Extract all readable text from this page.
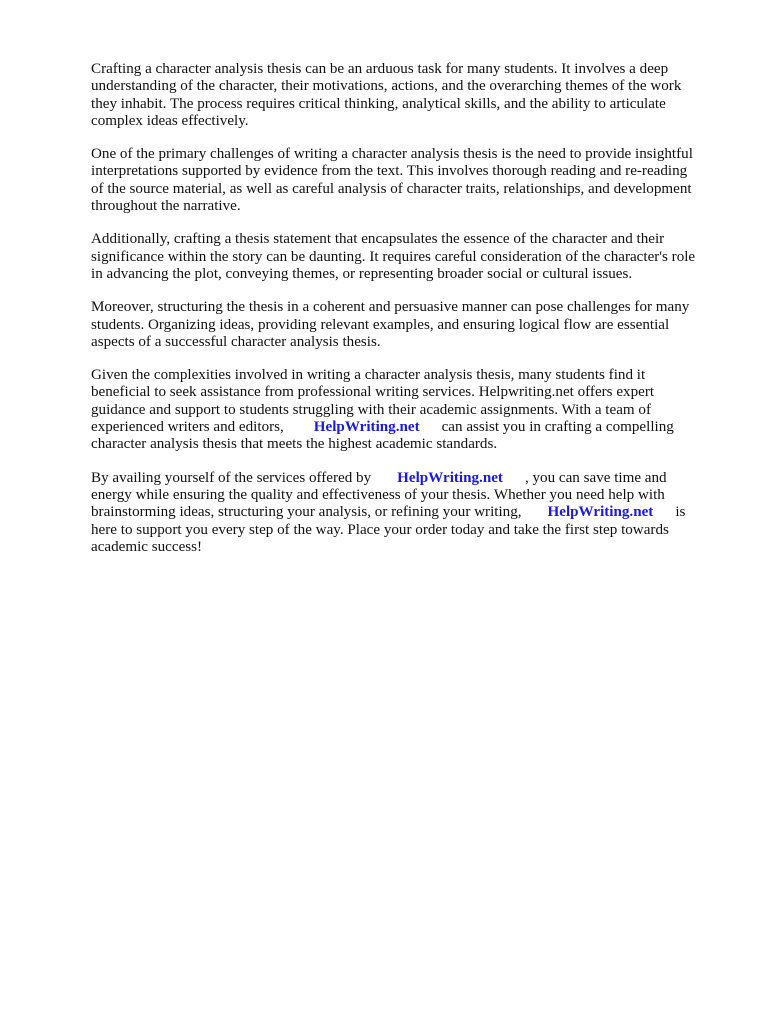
Crafting a character analysis thesis can be an arduous task for many students. It involves a deep
understanding of the character, their motivations, actions, and the overarching themes of the work
they inhabit. The process requires critical thinking, analytical skills, and the ability to articulate
complex ideas effectively.

One of the primary challenges of writing a character analysis thesis is the need to provide insightful
interpretations supported by evidence from the text. This involves thorough reading and re-reading
of the source material, as well as careful analysis of character traits, relationships, and development
throughout the narrative.

Additionally, crafting a thesis statement that encapsulates the essence of the character and their
significance within the story can be daunting. It requires careful consideration of the character's role
in advancing the plot, conveying themes, or representing broader social or cultural issues.

Moreover, structuring the thesis in a coherent and persuasive manner can pose challenges for many
students. Organizing ideas, providing relevant examples, and ensuring logical flow are essential
aspects of a successful character analysis thesis.

Given the complexities involved in writing a character analysis thesis, many students find it
beneficial to seek assistance from professional writing services. Helpwriting.net offers expert
guidance and support to students struggling with their academic assignments. With a team of
experienced writers and editors, HelpWriting.net can assist you in crafting a compelling
character analysis thesis that meets the highest academic standards.

By availing yourself of the services offered by HelpWriting.net , you can save time and
energy while ensuring the quality and effectiveness of your thesis. Whether you need help with
brainstorming ideas, structuring your analysis, or refining your writing, HelpWriting.net is
here to support you every step of the way. Place your order today and take the first step towards
academic success!
